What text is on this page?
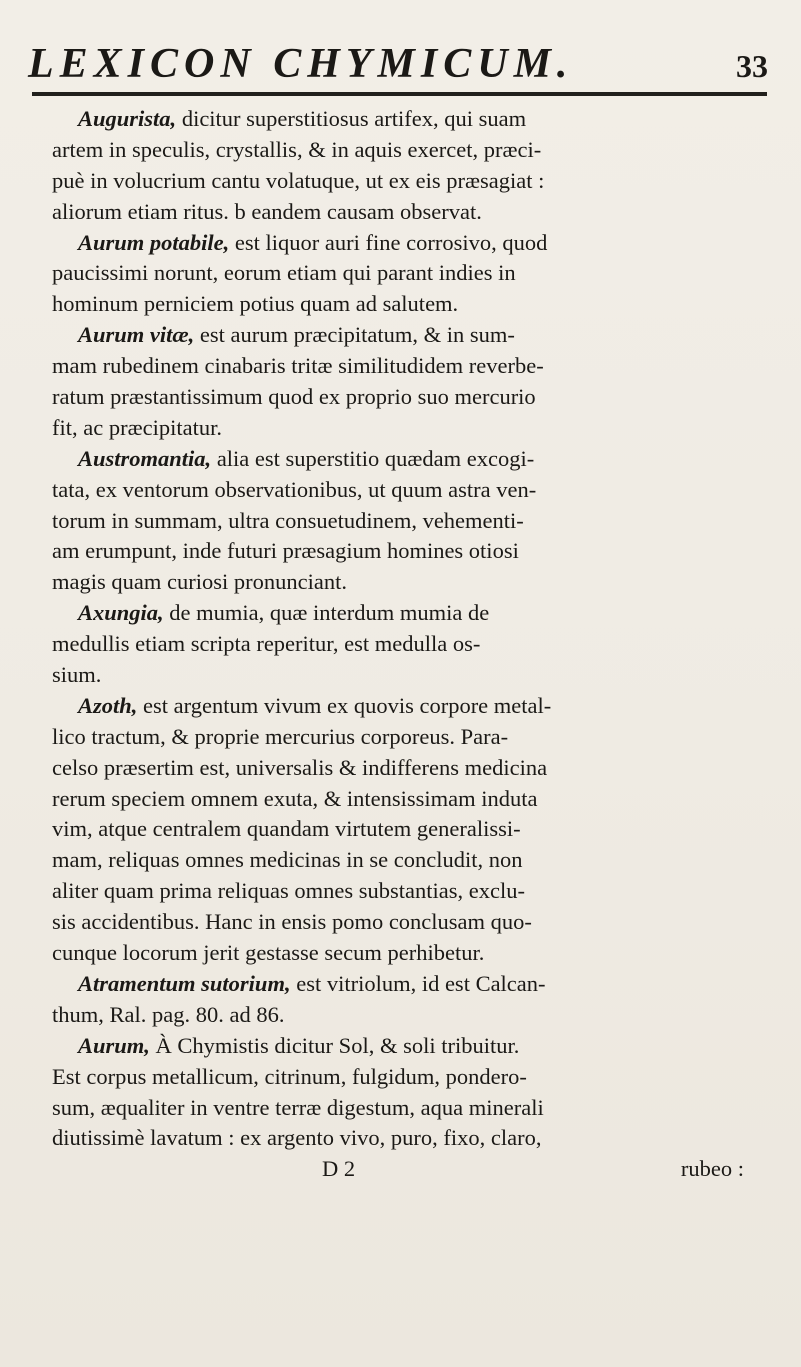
LEXICON CHYMICUM.	33
Augurista, dicitur superstitiosus artifex, qui suam
artem in speculis, crystallis, & in aquis exercet, præci-
puè in volucrium cantu volatuque, ut ex eis præsagiat :
aliorum etiam ritus. b eandem causam observat.
Aurum potabile, est liquor auri fine corrosivo, quod
paucissimi norunt, eorum etiam qui parant indies in
hominum perniciem potius quam ad salutem.
Aurum vitæ, est aurum præcipitatum, & in sum-
mam rubedinem cinabaris tritæ similitudidem reverbe-
ratum præstantissimum quod ex proprio suo mercurio
fit, ac præcipitatur.
Austromantia, alia est superstitio quædam excogi-
tata, ex ventorum observationibus, ut quum astra ven-
torum in summam, ultra consuetudinem, vehementi-
am erumpunt, inde futuri præsagium homines otiosi
magis quam curiosi pronunciant.
Axungia, de mumia, quæ interdum mumia de
medullis etiam scripta reperitur, est medulla os-
sium.
Azoth, est argentum vivum ex quovis corpore metal-
lico tractum, & proprie mercurius corporeus. Para-
celso præsertim est, universalis & indifferens medicina
rerum speciem omnem exuta, & intensissimam induta
vim, atque centralem quandam virtutem generalissi-
mam, reliquas omnes medicinas in se concludit, non
aliter quam prima reliquas omnes substantias, exclu-
sis accidentibus. Hanc in ensis pomo conclusam quo-
cunque locorum jerit gestasse secum perhibetur.
Atramentum sutorium, est vitriolum, id est Calcan-
thum, Ral. pag. 80. ad 86.
Aurum, À Chymistis dicitur Sol, & soli tribuitur.
Est corpus metallicum, citrinum, fulgidum, pondero-
sum, æqualiter in ventre terræ digestum, aqua minerali
diutissimè lavatum : ex argento vivo, puro, fixo, claro,
D 2	rubeo :
